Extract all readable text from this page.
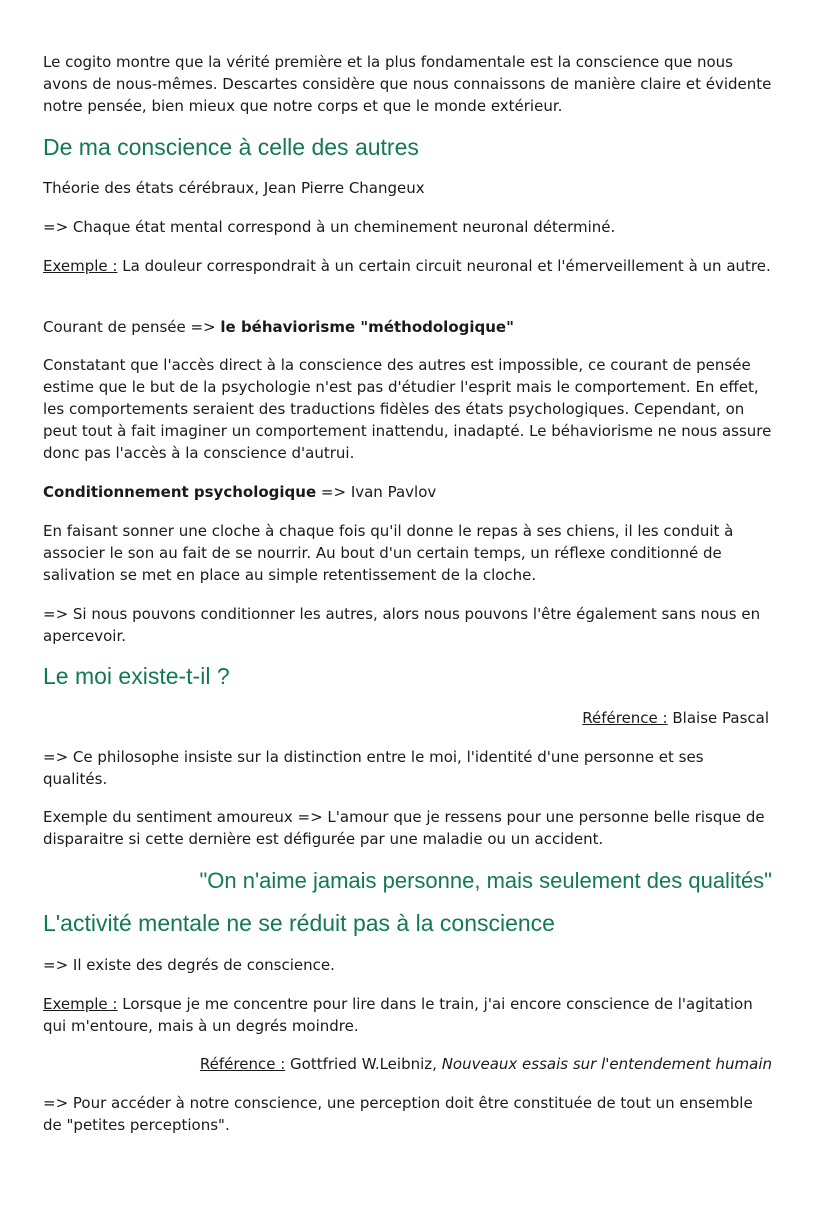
Le cogito montre que la vérité première et la plus fondamentale est la conscience que nous avons de nous-mêmes. Descartes considère que nous connaissons de manière claire et évidente notre pensée, bien mieux que notre corps et que le monde extérieur.

De ma conscience à celle des autres

Théorie des états cérébraux, Jean Pierre Changeux

=> Chaque état mental correspond à un cheminement neuronal déterminé.

Exemple : La douleur correspondrait à un certain circuit neuronal et l'émerveillement à un autre.

Courant de pensée => le béhaviorisme "méthodologique"

Constatant que l'accès direct à la conscience des autres est impossible, ce courant de pensée estime que le but de la psychologie n'est pas d'étudier l'esprit mais le comportement. En effet, les comportements seraient des traductions fidèles des états psychologiques. Cependant, on peut tout à fait imaginer un comportement inattendu, inadapté. Le béhaviorisme ne nous assure donc pas l'accès à la conscience d'autrui.

Conditionnement psychologique => Ivan Pavlov

En faisant sonner une cloche à chaque fois qu'il donne le repas à ses chiens, il les conduit à associer le son au fait de se nourrir. Au bout d'un certain temps, un réflexe conditionné de salivation se met en place au simple retentissement de la cloche.

=> Si nous pouvons conditionner les autres, alors nous pouvons l'être également sans nous en apercevoir.

Le moi existe-t-il ?

Référence : Blaise Pascal

=> Ce philosophe insiste sur la distinction entre le moi, l'identité d'une personne et ses qualités.

Exemple du sentiment amoureux => L'amour que je ressens pour une personne belle risque de disparaitre si cette dernière est défigurée par une maladie ou un accident.

"On n'aime jamais personne, mais seulement des qualités"

L'activité mentale ne se réduit pas à la conscience

=> Il existe des degrés de conscience.

Exemple : Lorsque je me concentre pour lire dans le train, j'ai encore conscience de l'agitation qui m'entoure, mais à un degrés moindre.

Référence : Gottfried W.Leibniz, Nouveaux essais sur l'entendement humain

=> Pour accéder à notre conscience, une perception doit être constituée de tout un ensemble de "petites perceptions".
